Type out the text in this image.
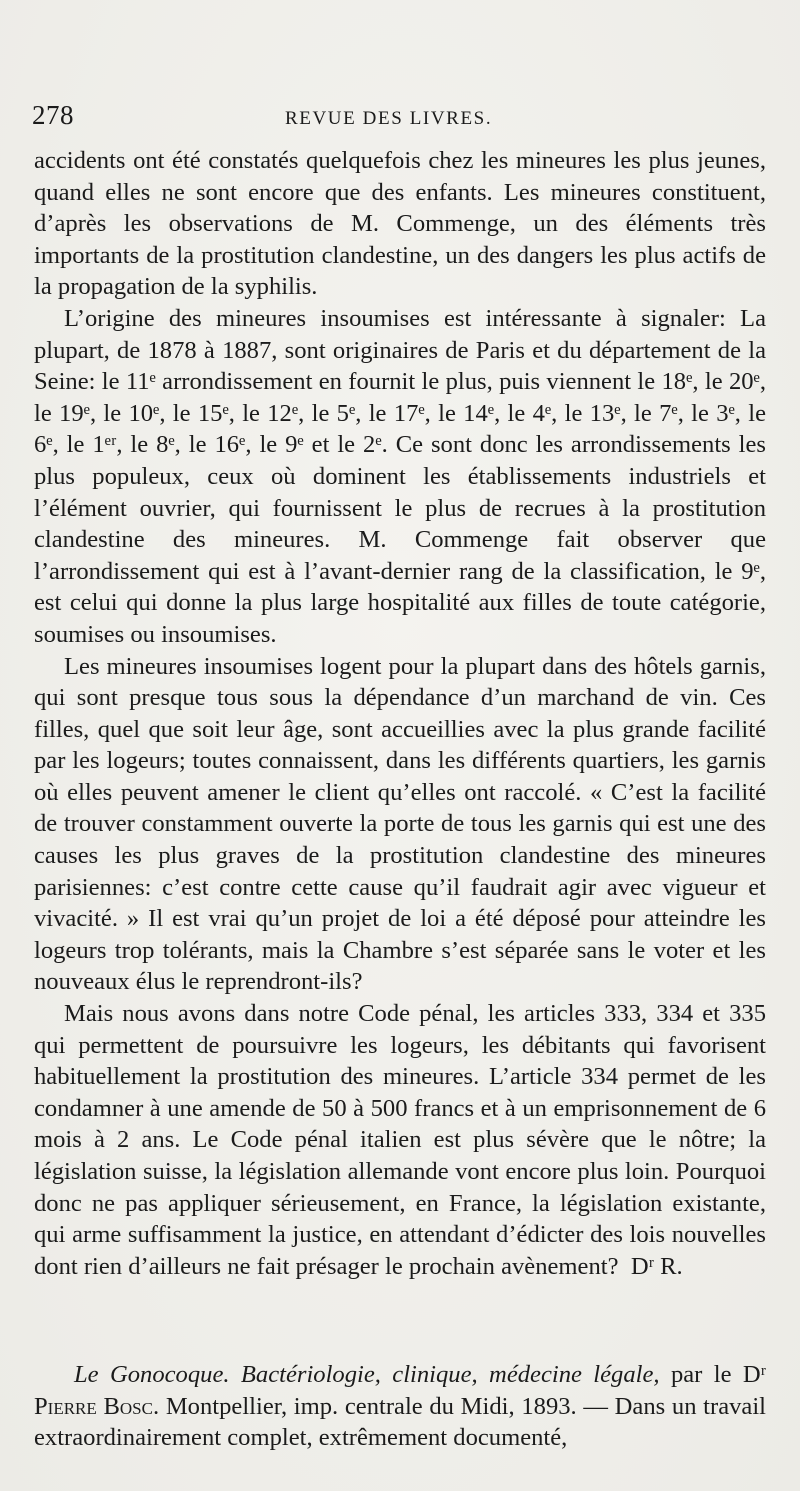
278	REVUE DES LIVRES.

accidents ont été constatés quelquefois chez les mineures les plus jeunes, quand elles ne sont encore que des enfants. Les mineures constituent, d’après les observations de M. Commenge, un des éléments très importants de la prostitution clandestine, un des dangers les plus actifs de la propagation de la syphilis.

L’origine des mineures insoumises est intéressante à signaler: La plupart, de 1878 à 1887, sont originaires de Paris et du département de la Seine: le 11ᵉ arrondissement en fournit le plus, puis viennent le 18ᵉ, le 20ᵉ, le 19ᵉ, le 10ᵉ, le 15ᵉ, le 12ᵉ, le 5ᵉ, le 17ᵉ, le 14ᵉ, le 4ᵉ, le 13ᵉ, le 7ᵉ, le 3ᵉ, le 6ᵉ, le 1ᵉʳ, le 8ᵉ, le 16ᵉ, le 9ᵉ et le 2ᵉ. Ce sont donc les arrondissements les plus populeux, ceux où dominent les établissements industriels et l’élément ouvrier, qui fournissent le plus de recrues à la prostitution clandestine des mineures. M. Commenge fait observer que l’arrondissement qui est à l’avant-dernier rang de la classification, le 9ᵉ, est celui qui donne la plus large hospitalité aux filles de toute catégorie, soumises ou insoumises.

Les mineures insoumises logent pour la plupart dans des hôtels garnis, qui sont presque tous sous la dépendance d’un marchand de vin. Ces filles, quel que soit leur âge, sont accueillies avec la plus grande facilité par les logeurs; toutes connaissent, dans les différents quartiers, les garnis où elles peuvent amener le client qu’elles ont raccolé. « C’est la facilité de trouver constamment ouverte la porte de tous les garnis qui est une des causes les plus graves de la prostitution clandestine des mineures parisiennes: c’est contre cette cause qu’il faudrait agir avec vigueur et vivacité. » Il est vrai qu’un projet de loi a été déposé pour atteindre les logeurs trop tolérants, mais la Chambre s’est séparée sans le voter et les nouveaux élus le reprendront-ils?

Mais nous avons dans notre Code pénal, les articles 333, 334 et 335 qui permettent de poursuivre les logeurs, les débitants qui favorisent habituellement la prostitution des mineures. L’article 334 permet de les condamner à une amende de 50 à 500 francs et à un emprisonnement de 6 mois à 2 ans. Le Code pénal italien est plus sévère que le nôtre; la législation suisse, la législation allemande vont encore plus loin. Pourquoi donc ne pas appliquer sérieusement, en France, la législation existante, qui arme suffisamment la justice, en attendant d’édicter des lois nouvelles dont rien d’ailleurs ne fait présager le prochain avènement? Dʳ R.

Le Gonocoque. Bactériologie, clinique, médecine légale, par le Dʳ Pierre Bosc. Montpellier, imp. centrale du Midi, 1893. — Dans un travail extraordinairement complet, extrêmement documenté,
